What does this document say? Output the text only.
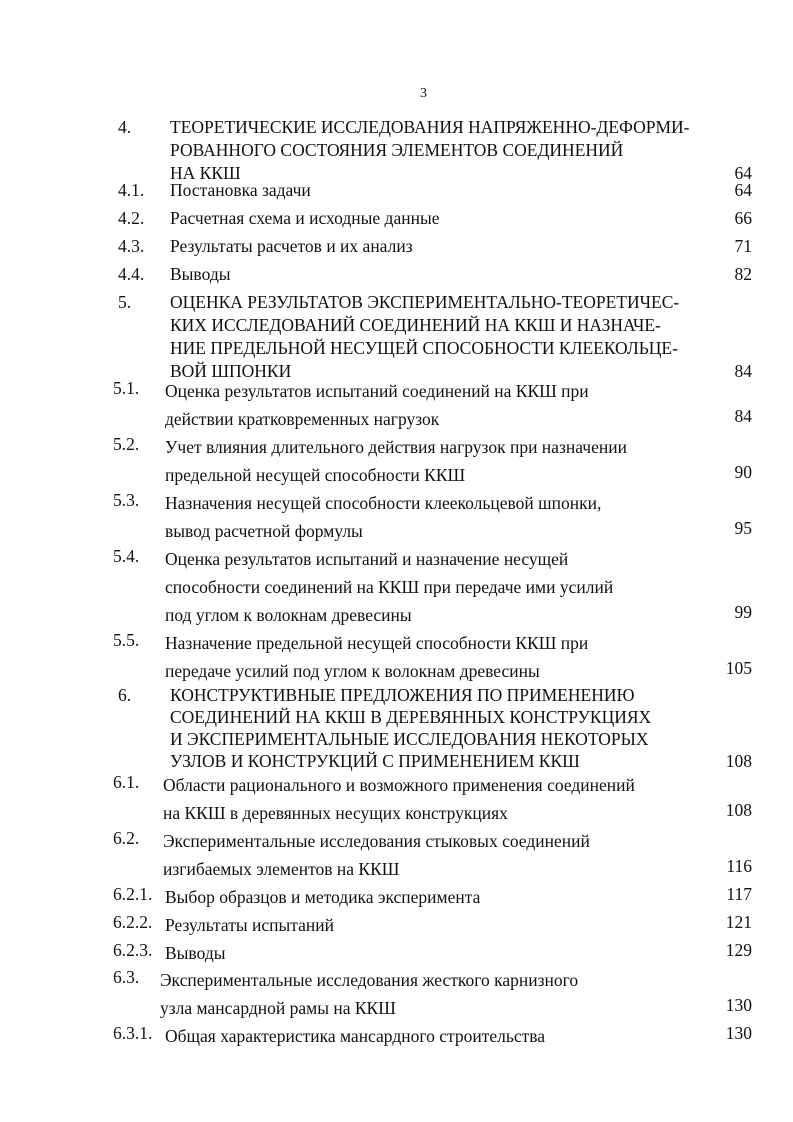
3
4. ТЕОРЕТИЧЕСКИЕ ИССЛЕДОВАНИЯ НАПРЯЖЕННО-ДЕФОРМИ-
РОВАННОГО СОСТОЯНИЯ ЭЛЕМЕНТОВ СОЕДИНЕНИЙ
НА ККШ	64
4.1. Постановка задачи	64
4.2. Расчетная схема и исходные данные	66
4.3. Результаты расчетов и их анализ	71
4.4. Выводы	82
5. ОЦЕНКА РЕЗУЛЬТАТОВ ЭКСПЕРИМЕНТАЛЬНО-ТЕОРЕТИЧЕС-
КИХ ИССЛЕДОВАНИЙ СОЕДИНЕНИЙ НА ККШ И НАЗНАЧЕ-
НИЕ ПРЕДЕЛЬНОЙ НЕСУЩЕЙ СПОСОБНОСТИ КЛЕЕКОЛЬЦЕ-
ВОЙ ШПОНКИ	84
5.1. Оценка результатов испытаний соединений на ККШ при
действии кратковременных нагрузок	84
5.2. Учет влияния длительного действия нагрузок при назначении
предельной несущей способности ККШ	90
5.3. Назначения несущей способности клеекольцевой шпонки,
вывод расчетной формулы	95
5.4. Оценка результатов испытаний и назначение несущей
способности соединений на ККШ при передаче ими усилий
под углом к волокнам древесины	99
5.5. Назначение предельной несущей способности ККШ при
передаче усилий под углом к волокнам древесины	105
6. КОНСТРУКТИВНЫЕ ПРЕДЛОЖЕНИЯ ПО ПРИМЕНЕНИЮ
СОЕДИНЕНИЙ НА ККШ В ДЕРЕВЯННЫХ КОНСТРУКЦИЯХ
И ЭКСПЕРИМЕНТАЛЬНЫЕ ИССЛЕДОВАНИЯ НЕКОТОРЫХ
УЗЛОВ И КОНСТРУКЦИЙ С ПРИМЕНЕНИЕМ ККШ	108
6.1. Области рационального и возможного применения соединений
на ККШ в деревянных несущих конструкциях	108
6.2. Экспериментальные исследования стыковых соединений
изгибаемых элементов на ККШ	116
6.2.1. Выбор образцов и методика эксперимента	117
6.2.2. Результаты испытаний	121
6.2.3. Выводы	129
6.3. Экспериментальные исследования жесткого карнизного
узла мансардной рамы на ККШ	130
6.3.1. Общая характеристика мансардного строительства	130
